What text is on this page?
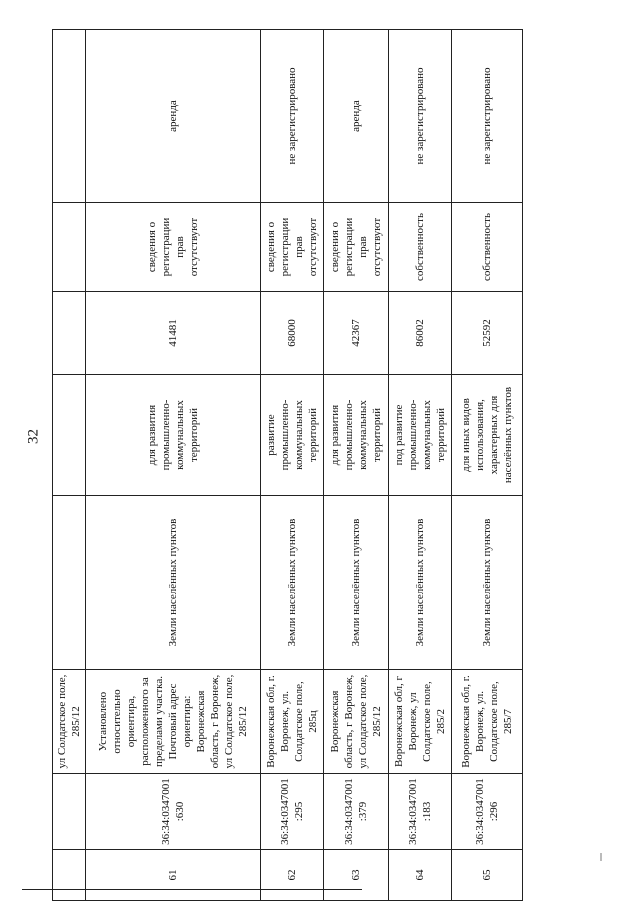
32
		ул Солдатское поле, 285/12					
61	36:34:0347001:630	Установлено относительно ориентира, расположенного за пределами участка. Почтовый адрес ориентира: Воронежская область, г Воронеж, ул Солдатское поле, 285/12	Земли населённых пунктов	для развития промышленно-коммунальных территорий	41481	сведения о регистрации прав отсутствуют	аренда
62	36:34:0347001:295	Воронежская обл, г. Воронеж, ул. Солдатское поле, 285ц	Земли населённых пунктов	развитие промышленно-коммунальных территорий	68000	сведения о регистрации прав отсутствуют	не зарегистрировано
63	36:34:0347001:379	Воронежская область, г Воронеж, ул Солдатское поле, 285/12	Земли населённых пунктов	для развития промышленно-коммунальных территорий	42367	сведения о регистрации прав отсутствуют	аренда
64	36:34:0347001:183	Воронежская обл, г Воронеж, ул Солдатское поле, 285/2	Земли населённых пунктов	под развитие промышленно-коммунальных территорий	86002	собственность	не зарегистрировано
65	36:34:0347001:296	Воронежская обл, г. Воронеж, ул. Солдатское поле, 285/7	Земли населённых пунктов	для иных видов использования, характерных для населённых пунктов	52592	собственность	не зарегистрировано
